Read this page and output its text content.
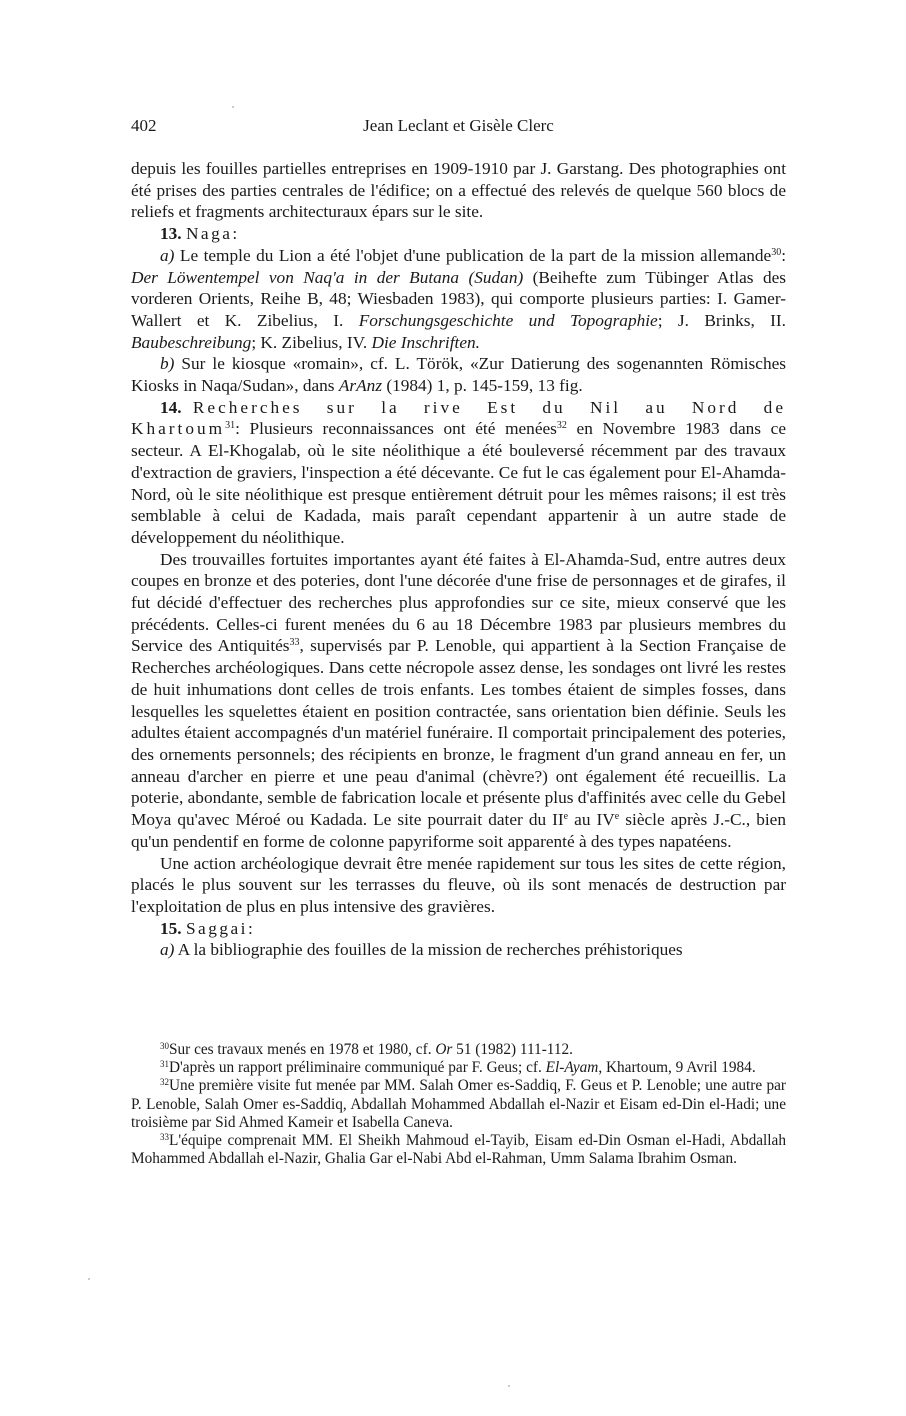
402	Jean Leclant et Gisèle Clerc

depuis les fouilles partielles entreprises en 1909-1910 par J. Garstang. Des photographies ont été prises des parties centrales de l'édifice; on a effectué des relevés de quelque 560 blocs de reliefs et fragments architecturaux épars sur le site.

13. Naga:

a) Le temple du Lion a été l'objet d'une publication de la part de la mission allemande$^{30}$: Der Löwentempel von Naq'a in der Butana (Sudan) (Beihefte zum Tübinger Atlas des vorderen Orients, Reihe B, 48; Wiesbaden 1983), qui comporte plusieurs parties: I. Gamer-Wallert et K. Zibelius, I. Forschungsgeschichte und Topographie; J. Brinks, II. Baubeschreibung; K. Zibelius, IV. Die Inschriften.

b) Sur le kiosque «romain», cf. L. Török, «Zur Datierung des sogenannten Römisches Kiosks in Naqa/Sudan», dans ArAnz (1984) 1, p. 145-159, 13 fig.

14. Recherches sur la rive Est du Nil au Nord de Khartoum$^{31}$: Plusieurs reconnaissances ont été menées$^{32}$ en Novembre 1983 dans ce secteur. A El-Khogalab, où le site néolithique a été bouleversé récemment par des travaux d'extraction de graviers, l'inspection a été décevante. Ce fut le cas également pour El-Ahamda-Nord, où le site néolithique est presque entièrement détruit pour les mêmes raisons; il est très semblable à celui de Kadada, mais paraît cependant appartenir à un autre stade de développement du néolithique.

Des trouvailles fortuites importantes ayant été faites à El-Ahamda-Sud, entre autres deux coupes en bronze et des poteries, dont l'une décorée d'une frise de personnages et de girafes, il fut décidé d'effectuer des recherches plus approfondies sur ce site, mieux conservé que les précédents. Celles-ci furent menées du 6 au 18 Décembre 1983 par plusieurs membres du Service des Antiquités$^{33}$, supervisés par P. Lenoble, qui appartient à la Section Française de Recherches archéologiques. Dans cette nécropole assez dense, les sondages ont livré les restes de huit inhumations dont celles de trois enfants. Les tombes étaient de simples fosses, dans lesquelles les squelettes étaient en position contractée, sans orientation bien définie. Seuls les adultes étaient accompagnés d'un matériel funéraire. Il comportait principalement des poteries, des ornements personnels; des récipients en bronze, le fragment d'un grand anneau en fer, un anneau d'archer en pierre et une peau d'animal (chèvre?) ont également été recueillis. La poterie, abondante, semble de fabrication locale et présente plus d'affinités avec celle du Gebel Moya qu'avec Méroé ou Kadada. Le site pourrait dater du IIe au IVe siècle après J.-C., bien qu'un pendentif en forme de colonne papyriforme soit apparenté à des types napatéens.

Une action archéologique devrait être menée rapidement sur tous les sites de cette région, placés le plus souvent sur les terrasses du fleuve, où ils sont menacés de destruction par l'exploitation de plus en plus intensive des gravières.

15. Saggai:

a) A la bibliographie des fouilles de la mission de recherches préhistoriques

$^{30}$Sur ces travaux menés en 1978 et 1980, cf. Or 51 (1982) 111-112.

$^{31}$D'après un rapport préliminaire communiqué par F. Geus; cf. El-Ayam, Khartoum, 9 Avril 1984.

$^{32}$Une première visite fut menée par MM. Salah Omer es-Saddiq, F. Geus et P. Lenoble; une autre par P. Lenoble, Salah Omer es-Saddiq, Abdallah Mohammed Abdallah el-Nazir et Eisam ed-Din el-Hadi; une troisième par Sid Ahmed Kameir et Isabella Caneva.

$^{33}$L'équipe comprenait MM. El Sheikh Mahmoud el-Tayib, Eisam ed-Din Osman el-Hadi, Abdallah Mohammed Abdallah el-Nazir, Ghalia Gar el-Nabi Abd el-Rahman, Umm Salama Ibrahim Osman.
